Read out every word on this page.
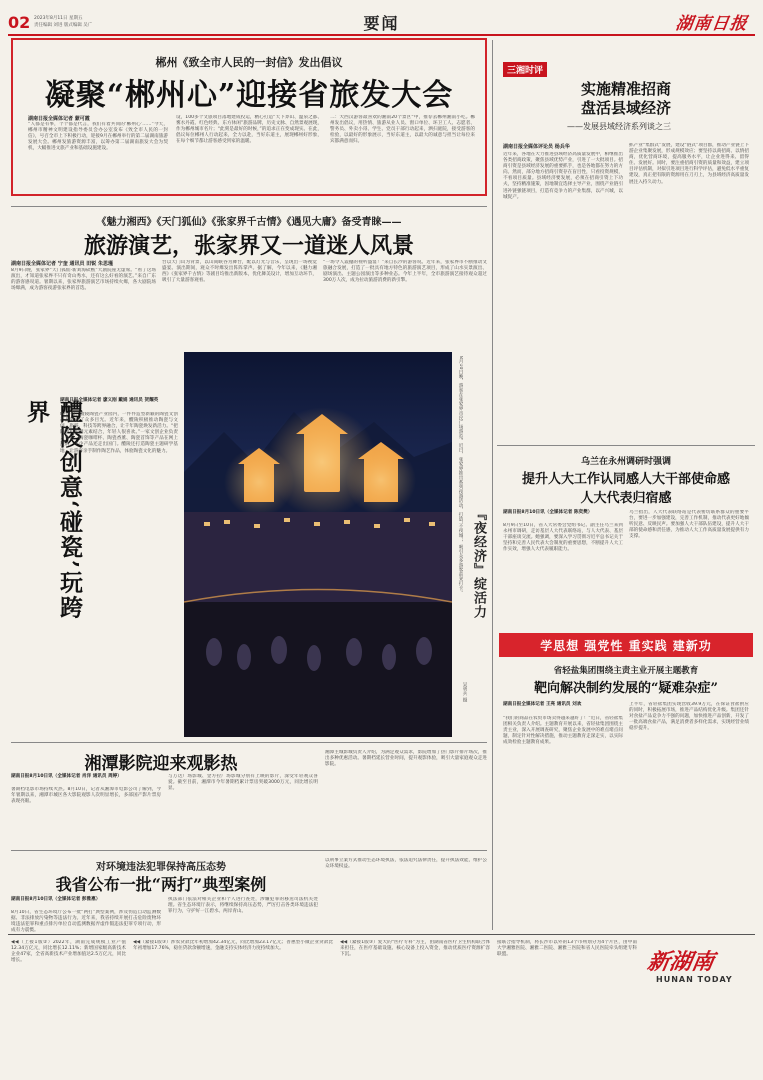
02 2023年8月11日 星期五
责任编辑 刘进 版式编辑 吴广	要闻	湖南日报
郴州《致全市人民的一封信》发出倡议
凝聚“郴州心”迎接省旅发大会
湖南日报全媒体记者 蒙可霞
“人都是有事，个个都是代言，我们有着共同的‘郴州心’……”今天，郴州市精神文明建设指导委员会办公室发布《致全市人民的一封信》，号召全市上下积极行动，迎接9月在郴州举行的第二届湖南旅游发展大会。郴州发旅游资源丰富，以筹办第二届湖南旅发大会为契机，大幅推进文旅产业和基础设施建设。
设，100多个文旅项目落地建成投运，精心打造“天下莽山、温泉之都、雾水丹霞、红色经典、东方休闲”旅游品牌，历史文脉、自然景观展现，作为郴州城市名片；“此刻是最好的时候，”的追求正在变成现实。在此，倡议每位郴州人行动起来，全力以赴，当好东道主，展现郴州好形象，在每个细节都让游客感受到家的温暖。
二：大西汉游客最喜欢的湘南20个景区“中，推荐去郴州湘南小吃。郴州发出倡议，用热情、旅游从业人员、窗口单位、环卫工人、志愿者、警务员、外卖小哥、学生、党员干部行动起来，洒扫庭院，接受游客的检验，以最好的形象展示，当好东道主，以最大的诚意与担当让每位来宾都满意而归。
三湘时评
实施精准招商
盘活县域经济
——发展县域经济系列谈之三
湖南日报全媒体评论员 杨兵华
近年来，各地在大力推进县域经济高质量发展中，相继推出各类招商政策，聚焦县域优势产业，引进了一大批项目。招商引资是县域经济发展的重要抓手，也是各地都在努力的方向。然而，部分地方招商引资存在盲目性，只看投资规模，不看项目质量。县域经济要发展，必须在招商引资上下功夫，坚持精准施策，因地制宜选择主导产业，围绕产业链引进补链强链项目，打造有竞争力的产业集群，以产兴城，以城促产。
抓产业“集群式”发展，建设“链式”项目群，推动产业链上下游企业集聚发展，形成规模效应；要坚持以商招商、以情招商，优化营商环境，提高服务水平，让企业进得来、留得住、发展好。同时，要注重招商引资的质量和效益，建立项目评估机制，对拟引进项目进行科学评估，避免低水平重复建设，真正把有限的资源用在刀刃上，为县域经济高质量发展注入持久动力。
《魅力湘西》《天门狐仙》《张家界千古情》《遇见大庸》备受青睐——
旅游演艺，张家界又一道迷人风景
湖南日报全媒体记者 宁奎 通讯员 田锐 朱思瑾
8月9日晚，张家界“天门狐仙·新刘海砍樵”大剧院座无虚席。“看了这场演出，才知道张家界不只有奇山秀水，还有这么好看的演艺。”来自广东的游客感叹道。暑期以来，张家界旅游演艺市场持续火爆，各大剧院场场爆满，成为游客夜游张家界的首选。
台以天门山为背景，以山间峡谷为舞台，配以灯光与音乐，呈现出一场视觉盛宴。演出期间，观众不时爆发出阵阵掌声。据了解，今年以来，《魅力湘西》《张家界千古情》等剧目均推出新版本，优化舞美设计，增加互动环节，吸引了大量游客观看。
“一场令人震撼的视听盛宴！”来自长沙的游客说。近年来，张家界市不断推动文旅融合发展，打造了一批具有地方特色的旅游演艺项目，形成了山水实景演出、剧场演出、主题公园演出等多种业态。今年上半年，全市旅游演艺接待观众超过300万人次，成为拉动旅游消费的新引擎。
醴陵创意‘碰瓷’玩跨界	湖南日报全媒体记者 廖义刚 戴娟 通讯员 贺耀英
8月9日，醴陵陶瓷产业园内，一件件造型新颖的陶瓷文创产品吸引了众多目光。近年来，醴陵积极推动陶瓷与文创、旅游、科技等跨界融合，让千年陶瓷焕发新活力。“把陶瓷和国潮元素结合，年轻人很喜欢。”一家文创企业负责人介绍。陶瓷咖啡杯、陶瓷香薰、陶瓷首饰等产品在网上热销，不少产品还走出国门。醴陵还打造陶瓷主题研学基地，让游客亲手制作陶艺作品，体验陶瓷文化的魅力。
『夜经济』绽活力
8月10日晚，游客在张家界市民广场游览。近日，张家界推出系列夜游活动，打造“不夜城”，吸引众多游客前来打卡。
吴勇兵 摄
湘潭影院迎来观影热
湖南日报8月10日讯（全媒体记者 肖洋 通讯员 周婷）
暑期档电影市场持续火热。8月10日，记者从湘潭市电影公司了解到，今年暑期以来，湘潭市城区各大影院观影人次明显增长，多部国产影片票房表现亮眼。
与万达广场影城、金方拉广场影城分别有上映的影片，深受年轻观众喜爱。截至目前，湘潭市今年暑期档累计票房突破3000万元，同比增长明显。
湘潭主城影城负责人介绍，为满足观众需求，影院增加了热门影片排片场次，推出多种优惠活动。暑期档延长营业时间，提升观影体验，吸引大量家庭观众走进影院。
对环境违法犯罪保持高压态势
我省公布一批“两打”典型案例
湖南日报8月10日讯（全媒体记者 彭雅惠）
8月10日，省生态环境厅公布一批“两打”典型案例，涉及伪造自动监测数据、非法排放污染物等违法行为。近年来，我省持续开展打击危险废物环境违法犯罪和重点排污单位自动监测数据弄虚作假违法犯罪专项行动，形成有力震慑。
执法部门依法对相关企业和个人进行查处，涉嫌犯罪的移送司法机关处理。省生态环境厅表示，将继续保持高压态势，严厉打击各类环境违法犯罪行为，守护好一江碧水、两岸青山。
以刑事立案方式推动生态环境执法，依法追究法律责任，提升执法效能，维护公众环境权益。
乌兰在永州调研时强调
提升人大工作认同感人大干部使命感
人大代表归宿感
湖南日报8月10日讯（全媒体记者 陈奕樊）
8月9日至10日，省人大常委会党组书记、副主任乌兰来到永州市调研，走访基层人大代表联络站，与人大代表、基层干部座谈交流。她强调，要深入学习贯彻习近平总书记关于坚持和完善人民代表大会制度的重要思想，不断提升人大工作实效，增强人大代表履职能力。
乌兰指出，人大代表联络站是代表密切联系群众的重要平台，要进一步加强建设，完善工作机制，推动代表更好地倾听民意、反映民声。要加强人大干部队伍建设，提升人大干部的使命感和责任感，为推动人大工作高质量发展提供有力支撑。
学思想 强党性 重实践 建新功
省轻盐集团围绕主责主业开展主题教育
靶向解决制约发展的“疑难杂症”
湖南日报全媒体记者 王亮 通讯员 刘欢
“我们的商品在农贸市场卖得越来越好了！”近日，省轻盐集团相关负责人介绍。主题教育开展以来，省轻盐集团围绕主责主业，深入开展调查研究，聚焦企业发展中的难点堵点问题，制定针对性解决措施，推动主题教育走深走实，以实际成效检验主题教育成果。
上半年，省轻盐集团实现营收39.9万元，在保证食盐供应的同时，积极拓展市场，推进产品结构优化升级。集团还针对食盐产品竞争力不强的问题，加快推进产品创新，开发了一批高端食盐产品，满足消费者多样化需求，实现经营业绩稳步提升。
◀◀（上接1版②）2022年，湖南完成规模工业产值12.34万亿元，同比增长12.11%；新增国家级高新技术企业47家，全省高新技术产业增加值达2.5万亿元，同比增长。
◀◀（紧接1版③）涉农贷款比年初增加42.34亿元，同比增加23.17亿元；普惠型小微企业贷款比年初增加17.76%，稳住贷款余额增速，金融支持实体经济力度持续加大。
◀◀（紧接1版③）复大的“医疗专科”为主，由湖南省医疗卫生机构联合体来担任，在医疗基础设施、核心设备上投入资金，推动优质医疗资源扩容下沉。
接联合指导机制，将长沙市以外的13个市州划分为4个片区，由中南大学湘雅医院、湘雅二医院、湘雅三医院和省人民医院牵头组建专科联盟。	新湖南
HUNAN TODAY
